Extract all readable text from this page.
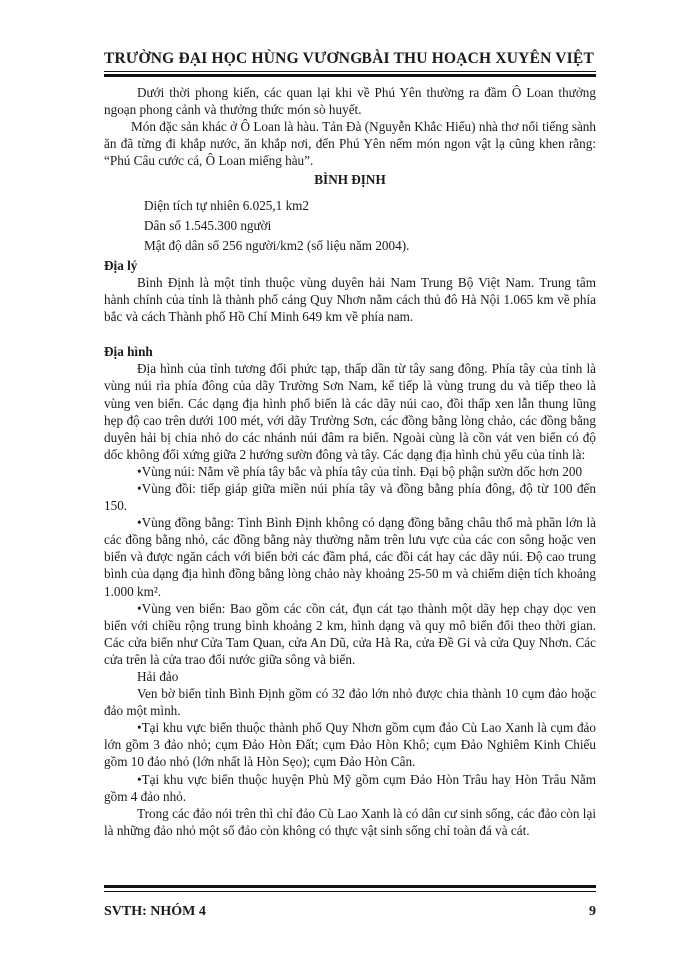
TRƯỜNG ĐẠI HỌC HÙNG VƯƠNG BÀI THU HOẠCH XUYÊN VIỆT

Dưới thời phong kiến, các quan lại khi về Phú Yên thường ra đầm Ô Loan thưởng ngoạn phong cảnh và thưởng thức món sò huyết.

Món đặc sản khác ở Ô Loan là hàu. Tản Đà (Nguyễn Khắc Hiếu) nhà thơ nổi tiếng sành ăn đã từng đi khắp nước, ăn khắp nơi, đến Phú Yên nếm món ngon vật lạ cũng khen rằng: “Phú Câu cước cá, Ô Loan miếng hàu”.

BÌNH ĐỊNH

Diện tích tự nhiên 6.025,1 km2
Dân số 1.545.300 người
Mật độ dân số 256 người/km2 (số liệu năm 2004).

Địa lý

Bình Định là một tỉnh thuộc vùng duyên hải Nam Trung Bộ Việt Nam. Trung tâm hành chính của tỉnh là thành phố cảng Quy Nhơn nằm cách thủ đô Hà Nội 1.065 km về phía bắc và cách Thành phố Hồ Chí Minh 649 km về phía nam.

Địa hình

Địa hình của tỉnh tương đối phức tạp, thấp dần từ tây sang đông. Phía tây của tỉnh là vùng núi rìa phía đông của dãy Trường Sơn Nam, kế tiếp là vùng trung du và tiếp theo là vùng ven biển. Các dạng địa hình phổ biến là các dãy núi cao, đồi thấp xen lẫn thung lũng hẹp độ cao trên dưới 100 mét, với dãy Trường Sơn, các đồng bằng lòng chảo, các đồng bằng duyên hải bị chia nhỏ do các nhánh núi đâm ra biển. Ngoài cùng là cồn vát ven biển có độ dốc không đối xứng giữa 2 hướng sườn đông và tây. Các dạng địa hình chủ yếu của tỉnh là:

•Vùng núi: Nằm về phía tây bắc và phía tây của tỉnh. Đại bộ phận sườn dốc hơn 200

•Vùng đồi: tiếp giáp giữa miền núi phía tây và đồng bằng phía đông, độ từ 100 đến 150.

•Vùng đồng bằng: Tỉnh Bình Định không có dạng đồng bằng châu thổ mà phần lớn là các đồng bằng nhỏ, các đồng bằng này thường nằm trên lưu vực của các con sông hoặc ven biển và được ngăn cách với biển bởi các đầm phá, các đồi cát hay các dãy núi. Độ cao trung bình của dạng địa hình đồng bằng lòng chảo này khoảng 25-50 m và chiếm diện tích khoảng 1.000 km².

•Vùng ven biển: Bao gồm các cồn cát, đụn cát tạo thành một dãy hẹp chạy dọc ven biển với chiều rộng trung bình khoảng 2 km, hình dạng và quy mô biến đổi theo thời gian. Các cửa biển như Cửa Tam Quan, cửa An Dũ, cửa Hà Ra, cửa Đề Gi và cửa Quy Nhơn. Các cửa trên là cửa trao đổi nước giữa sông và biển.

Hải đảo

Ven bờ biển tỉnh Bình Định gồm có 32 đảo lớn nhỏ được chia thành 10 cụm đảo hoặc đảo một mình.

•Tại khu vực biển thuộc thành phố Quy Nhơn gồm cụm đảo Cù Lao Xanh là cụm đảo lớn gồm 3 đảo nhỏ; cụm Đảo Hòn Đất; cụm Đảo Hòn Khô; cụm Đảo Nghiêm Kinh Chiếu gồm 10 đảo nhỏ (lớn nhất là Hòn Sẹo); cụm Đảo Hòn Cân.

•Tại khu vực biển thuộc huyện Phù Mỹ gồm cụm Đảo Hòn Trâu hay Hòn Trâu Nằm gồm 4 đảo nhỏ.

Trong các đảo nói trên thì chỉ đảo Cù Lao Xanh là có dân cư sinh sống, các đảo còn lại là những đảo nhỏ một số đảo còn không có thực vật sinh sống chỉ toàn đá và cát.

SVTH: NHÓM 4	9
